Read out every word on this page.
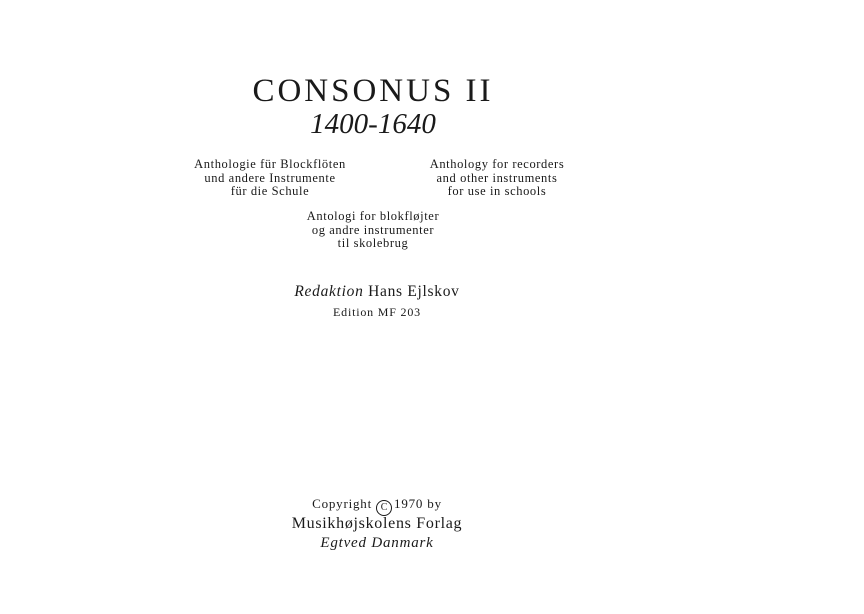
CONSONUS II
1400-1640
Anthologie für Blockflöten
und andere Instrumente
für die Schule
Anthology for recorders
and other instruments
for use in schools
Antologi for blokfløjter
og andre instrumenter
til skolebrug
Redaktion Hans Ejlskov
Edition MF 203
Copyright C 1970 by
Musikhøjskolens Forlag
Egtved Danmark
